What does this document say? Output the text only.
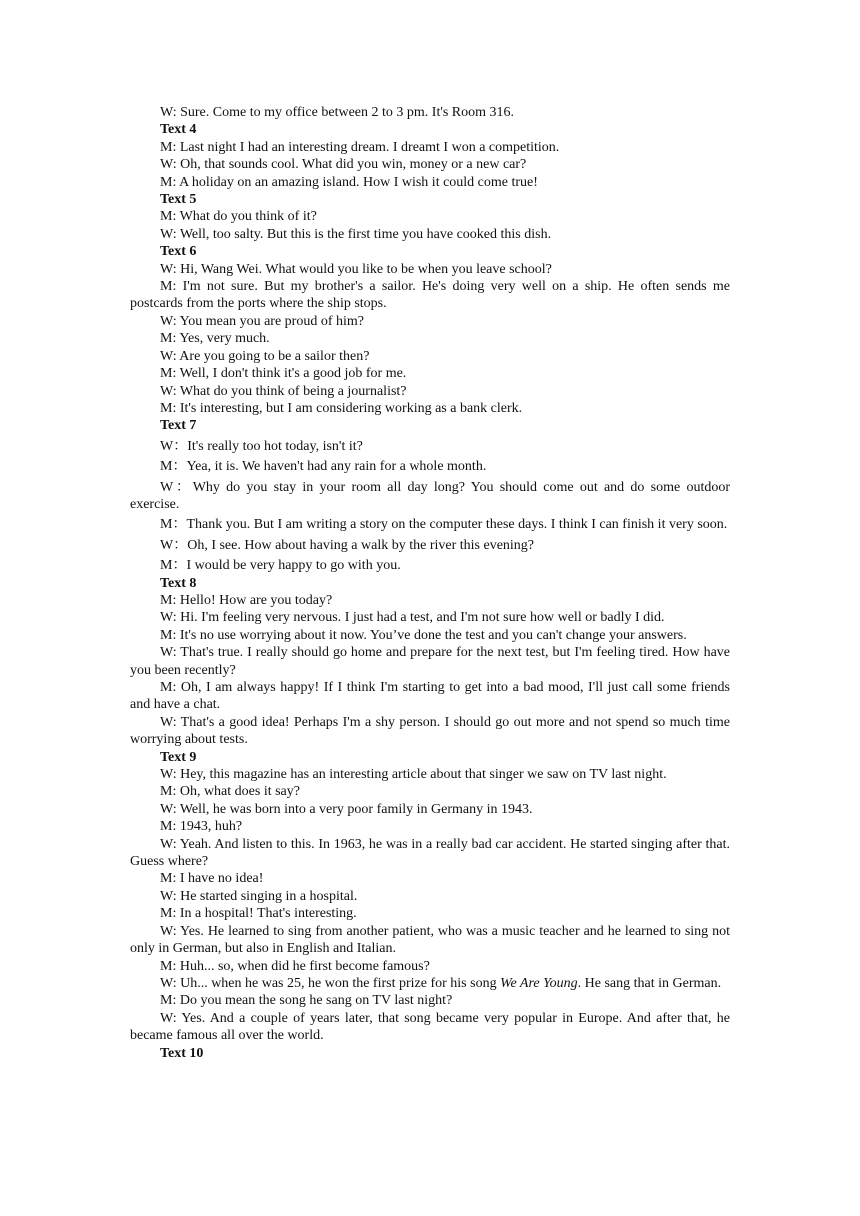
W: Sure. Come to my office between 2 to 3 pm. It's Room 316.

Text 4

M: Last night I had an interesting dream. I dreamt I won a competition.

W: Oh, that sounds cool. What did you win, money or a new car?

M: A holiday on an amazing island. How I wish it could come true!

Text 5

M: What do you think of it?

W: Well, too salty. But this is the first time you have cooked this dish.

Text 6

W: Hi, Wang Wei. What would you like to be when you leave school?

M: I'm not sure. But my brother's a sailor. He's doing very well on a ship. He often sends me postcards from the ports where the ship stops.

W: You mean you are proud of him?

M: Yes, very much.

W: Are you going to be a sailor then?

M: Well, I don't think it's a good job for me.

W: What do you think of being a journalist?

M: It's interesting, but I am considering working as a bank clerk.

Text 7

W：It's really too hot today, isn't it?

M：Yea, it is. We haven't had any rain for a whole month.

W：Why do you stay in your room all day long? You should come out and do some outdoor exercise.

M：Thank you. But I am writing a story on the computer these days. I think I can finish it very soon.

W：Oh, I see. How about having a walk by the river this evening?

M：I would be very happy to go with you.

Text 8

M: Hello! How are you today?

W: Hi. I'm feeling very nervous. I just had a test, and I'm not sure how well or badly I did.

M: It's no use worrying about it now. You’ve done the test and you can't change your answers.

W: That's true. I really should go home and prepare for the next test, but I'm feeling tired. How have you been recently?

M: Oh, I am always happy! If I think I'm starting to get into a bad mood, I'll just call some friends and have a chat.

W: That's a good idea! Perhaps I'm a shy person. I should go out more and not spend so much time worrying about tests.

Text 9

W: Hey, this magazine has an interesting article about that singer we saw on TV last night.

M: Oh, what does it say?

W: Well, he was born into a very poor family in Germany in 1943.

M: 1943, huh?

W: Yeah. And listen to this. In 1963, he was in a really bad car accident. He started singing after that. Guess where?

M: I have no idea!

W: He started singing in a hospital.

M: In a hospital! That's interesting.

W: Yes. He learned to sing from another patient, who was a music teacher and he learned to sing not only in German, but also in English and Italian.

M: Huh... so, when did he first become famous?

W: Uh... when he was 25, he won the first prize for his song We Are Young. He sang that in German.

M: Do you mean the song he sang on TV last night?

W: Yes. And a couple of years later, that song became very popular in Europe. And after that, he became famous all over the world.

Text 10
